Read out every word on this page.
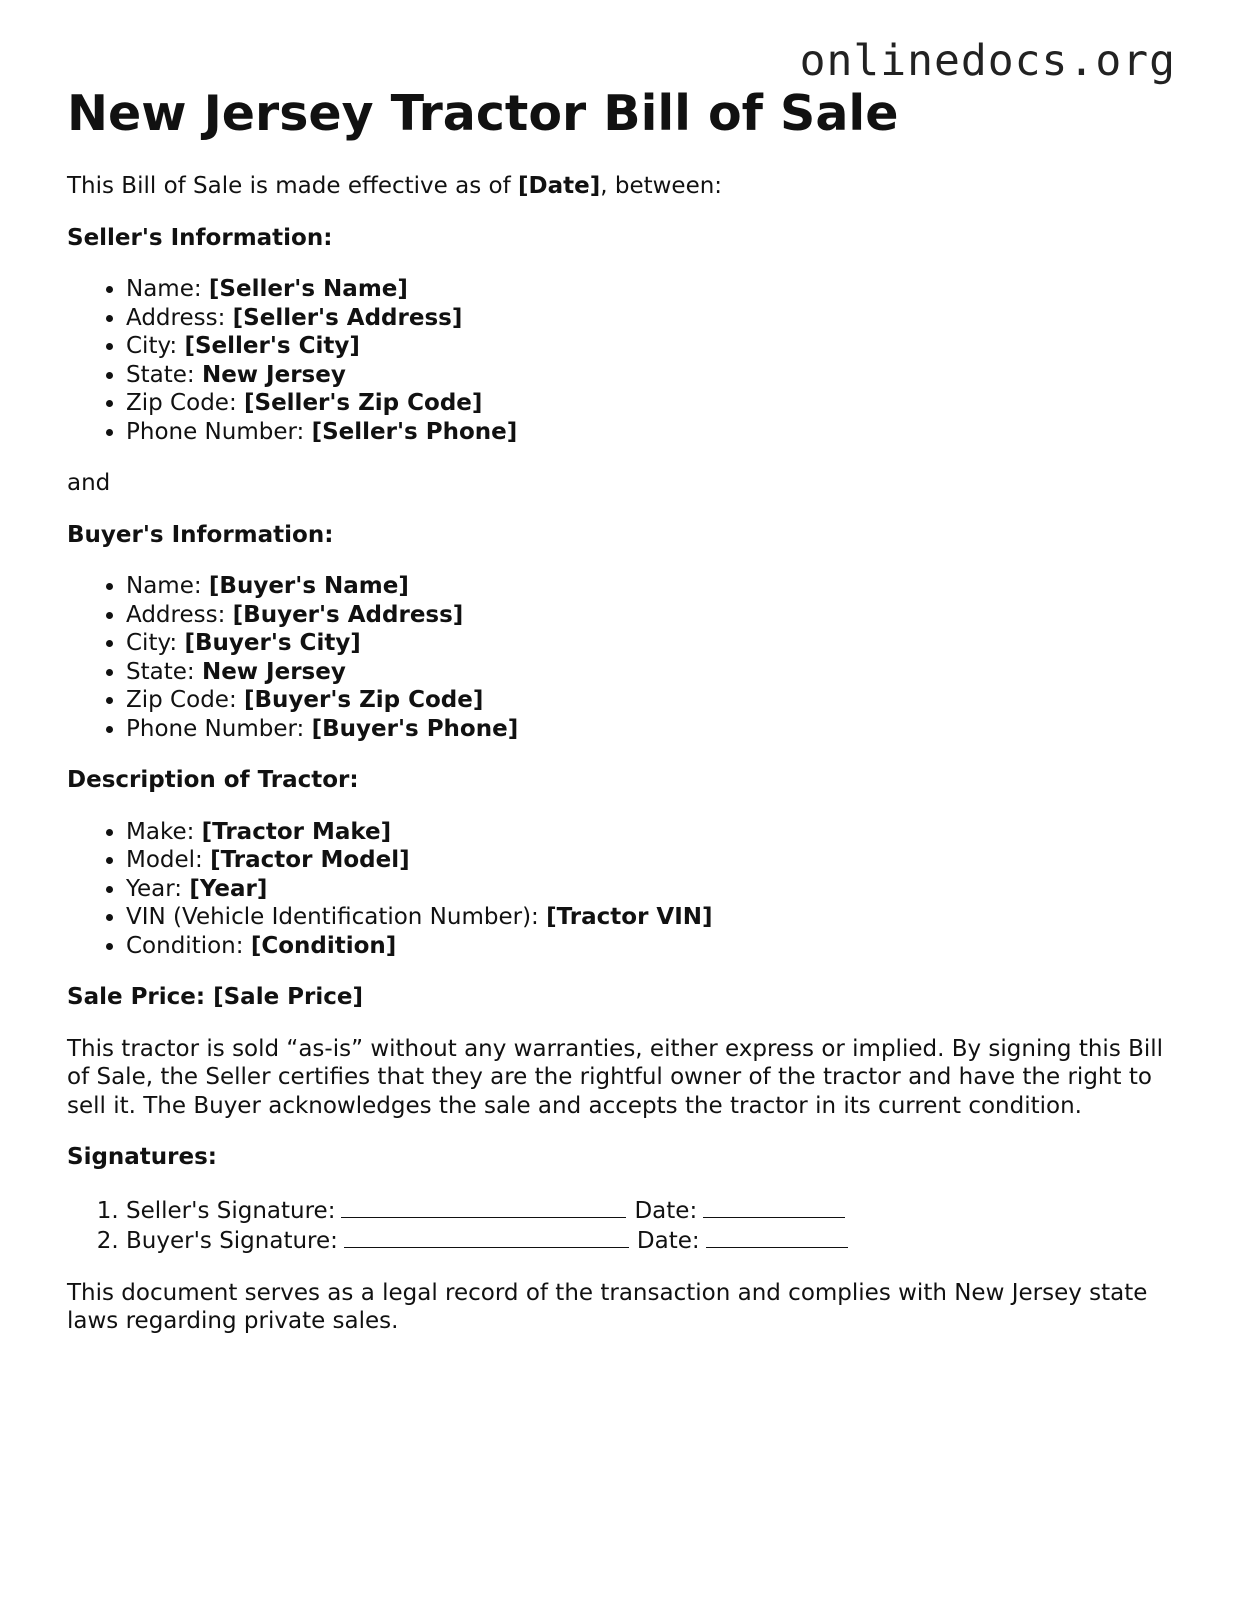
onlinedocs.org
New Jersey Tractor Bill of Sale

This Bill of Sale is made effective as of [Date], between:

Seller's Information:

• Name: [Seller's Name]
• Address: [Seller's Address]
• City: [Seller's City]
• State: New Jersey
• Zip Code: [Seller's Zip Code]
• Phone Number: [Seller's Phone]

and

Buyer's Information:

• Name: [Buyer's Name]
• Address: [Buyer's Address]
• City: [Buyer's City]
• State: New Jersey
• Zip Code: [Buyer's Zip Code]
• Phone Number: [Buyer's Phone]

Description of Tractor:

• Make: [Tractor Make]
• Model: [Tractor Model]
• Year: [Year]
• VIN (Vehicle Identification Number): [Tractor VIN]
• Condition: [Condition]

Sale Price: [Sale Price]

This tractor is sold “as-is” without any warranties, either express or implied. By signing this Bill of Sale, the Seller certifies that they are the rightful owner of the tractor and have the right to sell it. The Buyer acknowledges the sale and accepts the tractor in its current condition.

Signatures:

1. Seller's Signature:	Date:
2. Buyer's Signature:	Date:

This document serves as a legal record of the transaction and complies with New Jersey state laws regarding private sales.
